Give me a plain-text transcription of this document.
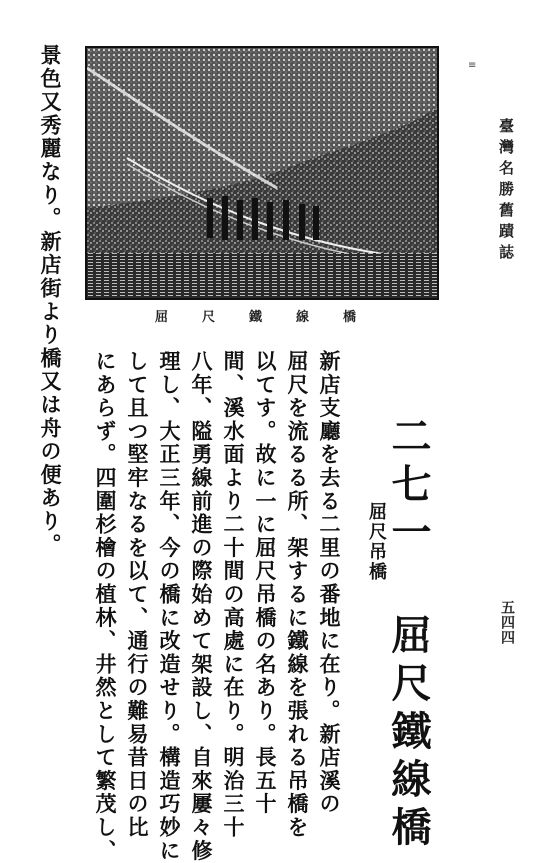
臺灣名勝舊蹟誌
五四四
≡
屈尺鐵線橋
二七一 屈尺鐵線橋
屈尺吊橋
新店支廳を去る二里の番地に在り。新店溪の
屈尺を流るる所、架するに鐵線を張れる吊橋を
以てす。故に一に屈尺吊橋の名あり。長五十
間、溪水面より二十間の高處に在り。明治三十
八年、隘勇線前進の際始めて架設し、自來屢々修
理し、大正三年、今の橋に改造せり。構造巧妙に
して且つ堅牢なるを以て、通行の難易昔日の比
にあらず。四圍杉檜の植林、井然として繁茂し、
景色又秀麗なり。新店街より橋又は舟の便あり。
